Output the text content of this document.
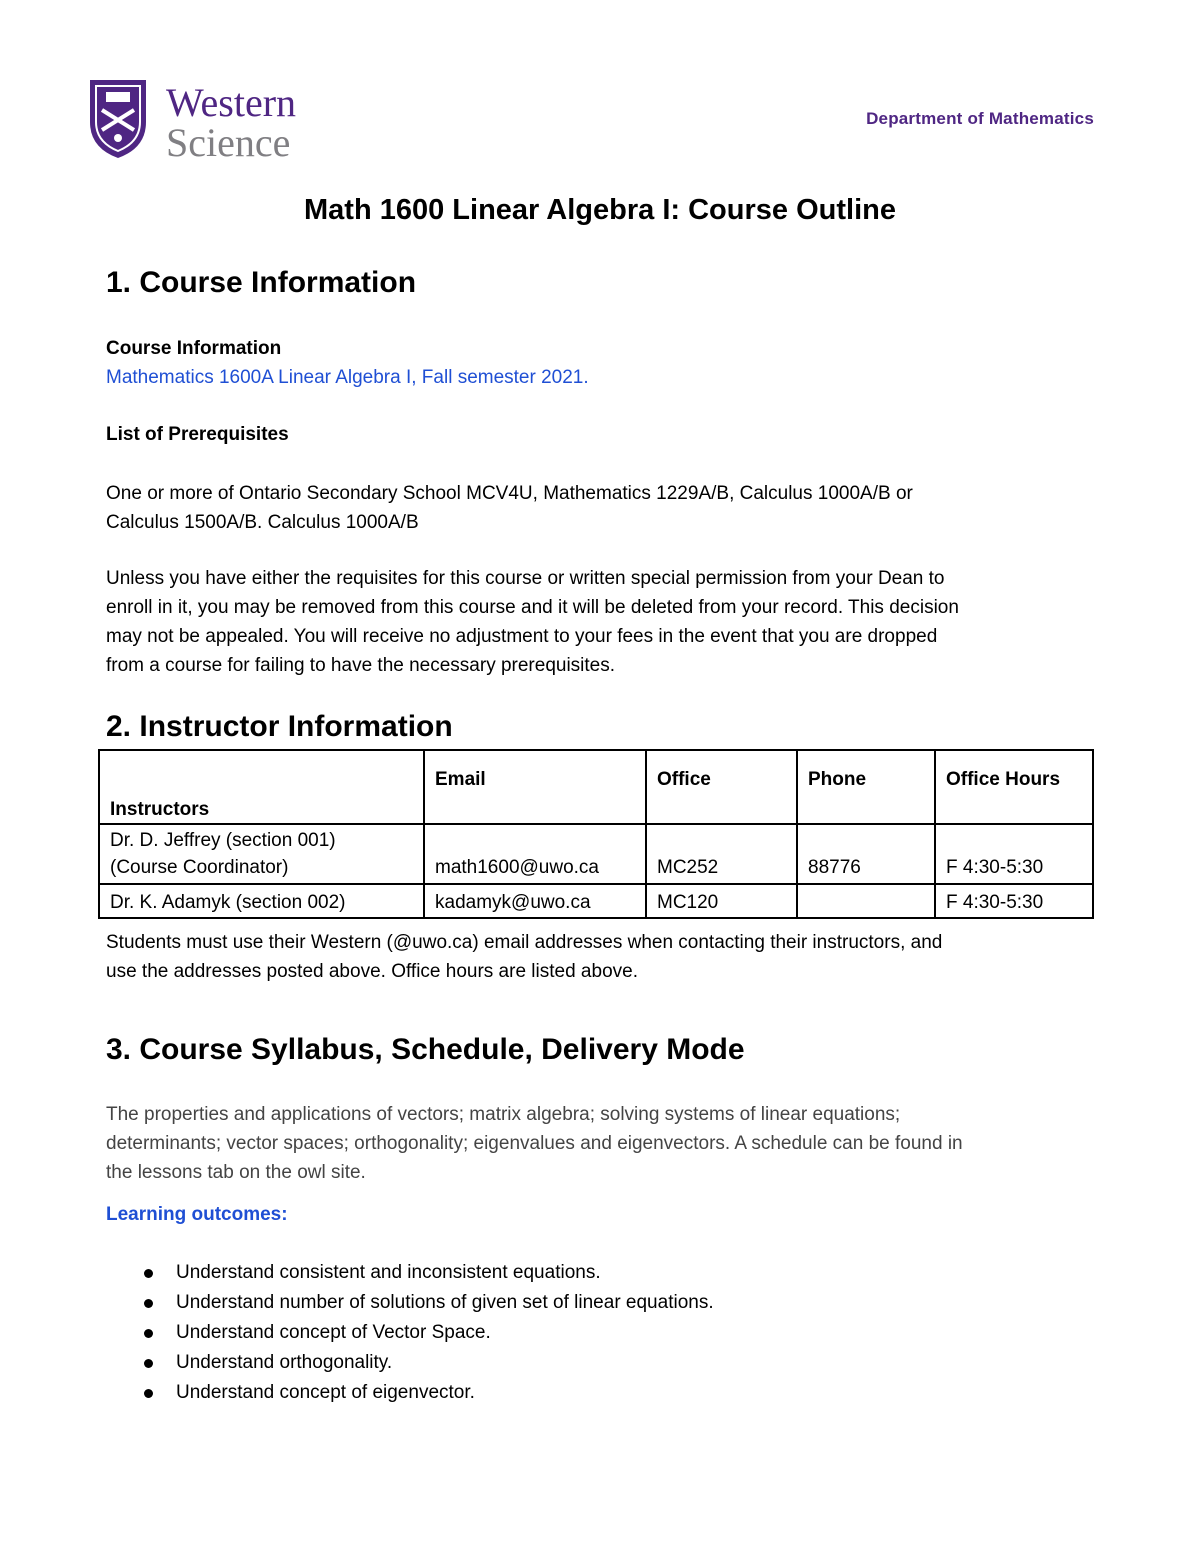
Western
Science
Department of Mathematics
Math 1600 Linear Algebra I: Course Outline
1. Course Information
Course Information
Mathematics 1600A Linear Algebra I, Fall semester 2021.
List of Prerequisites
One or more of Ontario Secondary School MCV4U, Mathematics 1229A/B, Calculus 1000A/B or
Calculus 1500A/B. Calculus 1000A/B
Unless you have either the requisites for this course or written special permission from your Dean to
enroll in it, you may be removed from this course and it will be deleted from your record. This decision
may not be appealed. You will receive no adjustment to your fees in the event that you are dropped
from a course for failing to have the necessary prerequisites.
2. Instructor Information
Instructors	Email	Office	Phone	Office Hours

Dr. D. Jeffrey (section 001)
(Course Coordinator)	math1600@uwo.ca	MC252	88776	F 4:30-5:30
Dr. K. Adamyk (section 002)	kadamyk@uwo.ca	MC120		F 4:30-5:30
Students must use their Western (@uwo.ca) email addresses when contacting their instructors, and
use the addresses posted above. Office hours are listed above.
3. Course Syllabus, Schedule, Delivery Mode
The properties and applications of vectors; matrix algebra; solving systems of linear equations;
determinants; vector spaces; orthogonality; eigenvalues and eigenvectors. A schedule can be found in
the lessons tab on the owl site.
Learning outcomes:
Understand consistent and inconsistent equations.
Understand number of solutions of given set of linear equations.
Understand concept of Vector Space.
Understand orthogonality.
Understand concept of eigenvector.
